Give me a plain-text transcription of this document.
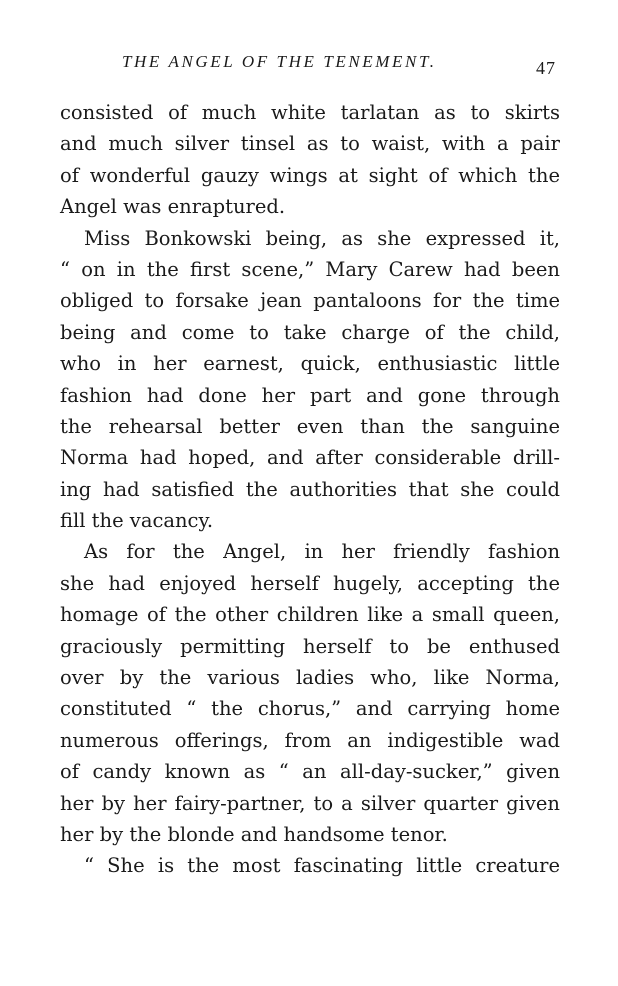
THE ANGEL OF THE TENEMENT.	47
consisted of much white tarlatan as to skirts
and much silver tinsel as to waist, with a pair
of wonderful gauzy wings at sight of which the
Angel was enraptured.
Miss Bonkowski being, as she expressed it,
“ on in the first scene,” Mary Carew had been
obliged to forsake jean pantaloons for the time
being and come to take charge of the child,
who in her earnest, quick, enthusiastic little
fashion had done her part and gone through
the rehearsal better even than the sanguine
Norma had hoped, and after considerable drill-
ing had satisfied the authorities that she could
fill the vacancy.
As for the Angel, in her friendly fashion
she had enjoyed herself hugely, accepting the
homage of the other children like a small queen,
graciously permitting herself to be enthused
over by the various ladies who, like Norma,
constituted “ the chorus,” and carrying home
numerous offerings, from an indigestible wad
of candy known as “ an all-day-sucker,” given
her by her fairy-partner, to a silver quarter given
her by the blonde and handsome tenor.
“ She is the most fascinating little creature
